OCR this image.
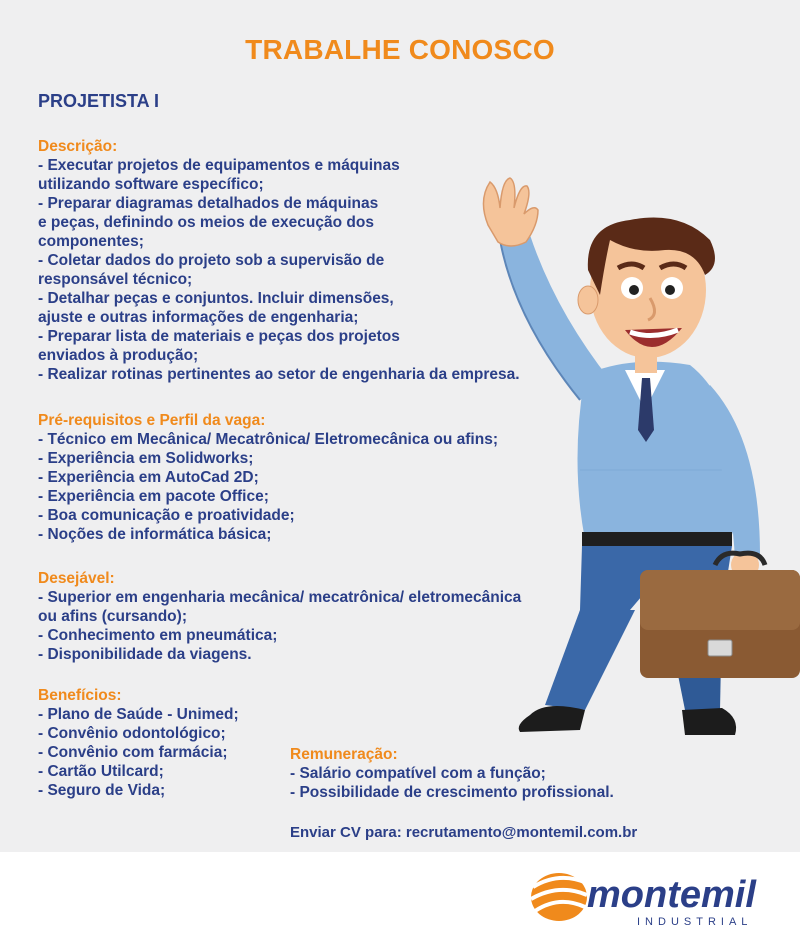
TRABALHE CONOSCO
PROJETISTA I
Descrição:
- Executar projetos de equipamentos e máquinas
utilizando software específico;
- Preparar diagramas detalhados de máquinas
e peças, definindo os meios de execução dos
componentes;
- Coletar dados do projeto sob a supervisão de
responsável técnico;
- Detalhar peças e conjuntos. Incluir dimensões,
ajuste e outras informações de engenharia;
- Preparar lista de materiais e peças dos projetos
enviados à produção;
- Realizar rotinas pertinentes ao setor de engenharia da empresa.
Pré-requisitos e Perfil da vaga:
- Técnico em Mecânica/ Mecatrônica/ Eletromecânica ou afins;
- Experiência em Solidworks;
- Experiência em AutoCad 2D;
- Experiência em pacote Office;
- Boa comunicação e proatividade;
- Noções de informática básica;
Desejável:
- Superior em engenharia mecânica/ mecatrônica/ eletromecânica
ou afins (cursando);
- Conhecimento em pneumática;
- Disponibilidade da viagens.
Benefícios:
- Plano de Saúde - Unimed;
- Convênio odontológico;
- Convênio com farmácia;
- Cartão Utilcard;
- Seguro de Vida;
Remuneração:
- Salário compatível com a função;
- Possibilidade de crescimento profissional.
Enviar CV para: recrutamento@montemil.com.br
montemil
INDUSTRIAL
